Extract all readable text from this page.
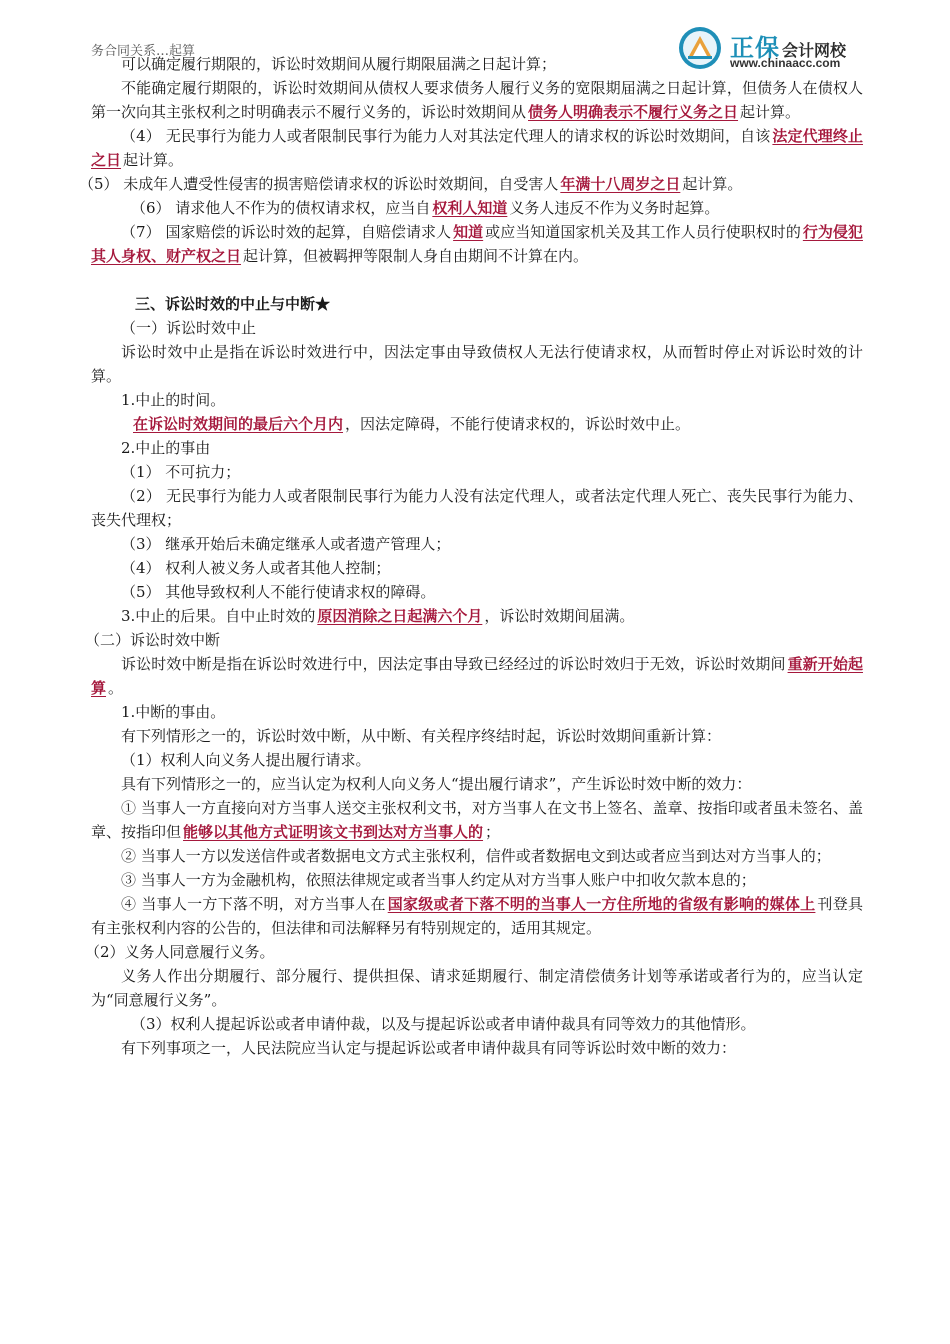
正保 会计网校
www.chinaacc.com
务合同关系…起算

可以确定履行期限的，诉讼时效期间从履行期限届满之日起计算；

不能确定履行期限的，诉讼时效期间从债权人要求债务人履行义务的宽限期届满之日起计算，但债务人在债权人第一次向其主张权利之时明确表示不履行义务的，诉讼时效期间从 债务人明确表示不履行义务之日 起计算。

（4） 无民事行为能力人或者限制民事行为能力人对其法定代理人的请求权的诉讼时效期间，自该 法定代理终止之日 起计算。

（5） 未成年人遭受性侵害的损害赔偿请求权的诉讼时效期间，自受害人 年满十八周岁之日 起计算。

（6） 请求他人不作为的债权请求权，应当自 权利人知道 义务人违反不作为义务时起算。

（7） 国家赔偿的诉讼时效的起算，自赔偿请求人 知道 或应当知道国家机关及其工作人员行使职权时的 行为侵犯其人身权、财产权之日 起计算，但被羁押等限制人身自由期间不计算在内。

三、诉讼时效的中止与中断★

（一）诉讼时效中止

诉讼时效中止是指在诉讼时效进行中，因法定事由导致债权人无法行使请求权，从而暂时停止对诉讼时效的计算。

1.中止的时间。

在诉讼时效期间的最后六个月内 ，因法定障碍，不能行使请求权的，诉讼时效中止。

2.中止的事由

（1） 不可抗力；

（2） 无民事行为能力人或者限制民事行为能力人没有法定代理人，或者法定代理人死亡、丧失民事行为能力、丧失代理权；

（3） 继承开始后未确定继承人或者遗产管理人；

（4） 权利人被义务人或者其他人控制；

（5） 其他导致权利人不能行使请求权的障碍。

3.中止的后果。自中止时效的 原因消除之日起满六个月 ，诉讼时效期间届满。

（二）诉讼时效中断

诉讼时效中断是指在诉讼时效进行中，因法定事由导致已经经过的诉讼时效归于无效，诉讼时效期间 重新开始起算 。

1.中断的事由。

有下列情形之一的，诉讼时效中断，从中断、有关程序终结时起，诉讼时效期间重新计算：

（1）权利人向义务人提出履行请求。

具有下列情形之一的，应当认定为权利人向义务人“提出履行请求”，产生诉讼时效中断的效力：

① 当事人一方直接向对方当事人送交主张权利文书，对方当事人在文书上签名、盖章、按指印或者虽未签名、盖章、按指印但 能够以其他方式证明该文书到达对方当事人的 ；

② 当事人一方以发送信件或者数据电文方式主张权利，信件或者数据电文到达或者应当到达对方当事人的；

③ 当事人一方为金融机构，依照法律规定或者当事人约定从对方当事人账户中扣收欠款本息的；

④ 当事人一方下落不明，对方当事人在 国家级或者下落不明的当事人一方住所地的省级有影响的媒体上 刊登具有主张权利内容的公告的，但法律和司法解释另有特别规定的，适用其规定。

（2）义务人同意履行义务。

义务人作出分期履行、部分履行、提供担保、请求延期履行、制定清偿债务计划等承诺或者行为的，应当认定为“同意履行义务”。

（3）权利人提起诉讼或者申请仲裁，以及与提起诉讼或者申请仲裁具有同等效力的其他情形。

有下列事项之一，人民法院应当认定与提起诉讼或者申请仲裁具有同等诉讼时效中断的效力：
